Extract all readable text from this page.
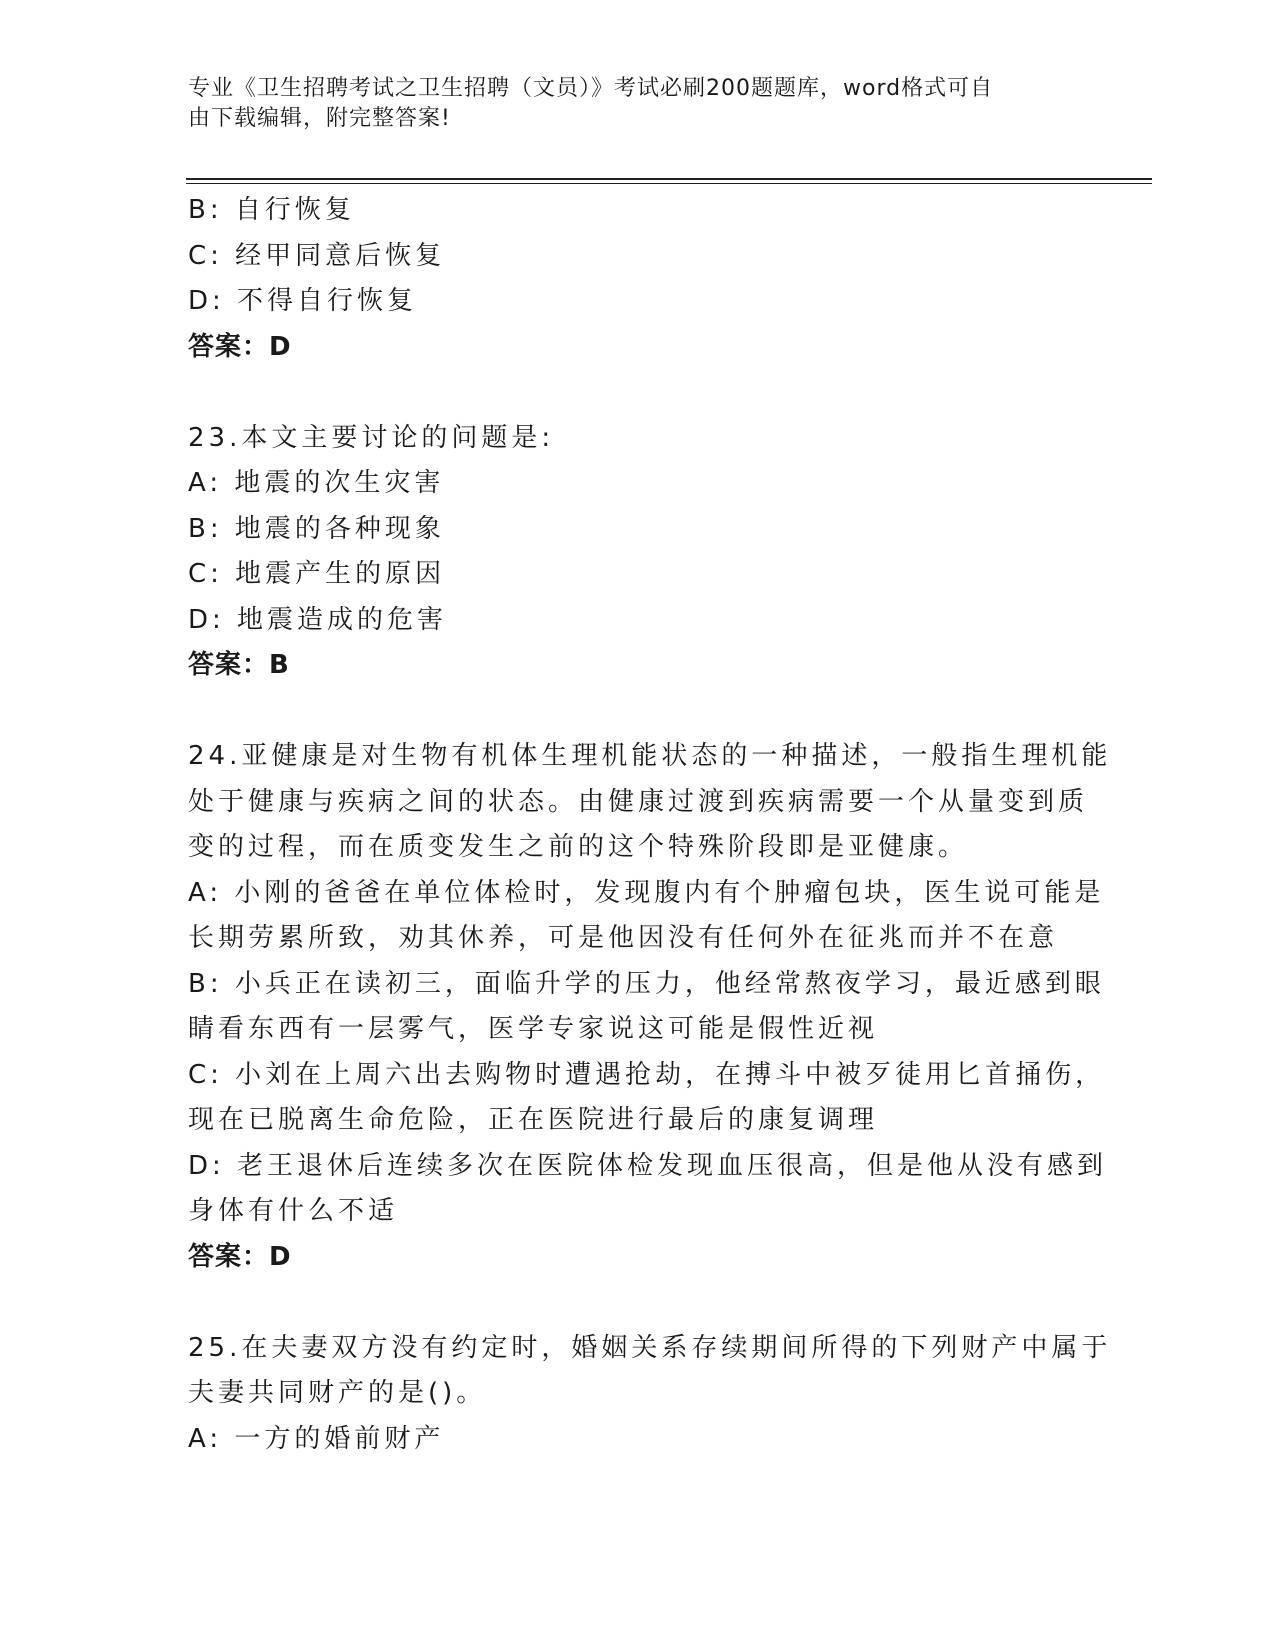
专业《卫生招聘考试之卫生招聘（文员）》考试必刷200题题库，word格式可自
由下载编辑，附完整答案!
B: 自行恢复
C: 经甲同意后恢复
D: 不得自行恢复
答案：D
23.本文主要讨论的问题是:
A: 地震的次生灾害
B: 地震的各种现象
C: 地震产生的原因
D: 地震造成的危害
答案：B
24.亚健康是对生物有机体生理机能状态的一种描述，一般指生理机能
处于健康与疾病之间的状态。由健康过渡到疾病需要一个从量变到质
变的过程，而在质变发生之前的这个特殊阶段即是亚健康。
A: 小刚的爸爸在单位体检时，发现腹内有个肿瘤包块，医生说可能是
长期劳累所致，劝其休养，可是他因没有任何外在征兆而并不在意
B: 小兵正在读初三，面临升学的压力，他经常熬夜学习，最近感到眼
睛看东西有一层雾气，医学专家说这可能是假性近视
C: 小刘在上周六出去购物时遭遇抢劫，在搏斗中被歹徒用匕首捅伤，
现在已脱离生命危险，正在医院进行最后的康复调理
D: 老王退休后连续多次在医院体检发现血压很高，但是他从没有感到
身体有什么不适
答案：D
25.在夫妻双方没有约定时，婚姻关系存续期间所得的下列财产中属于
夫妻共同财产的是()。
A: 一方的婚前财产
